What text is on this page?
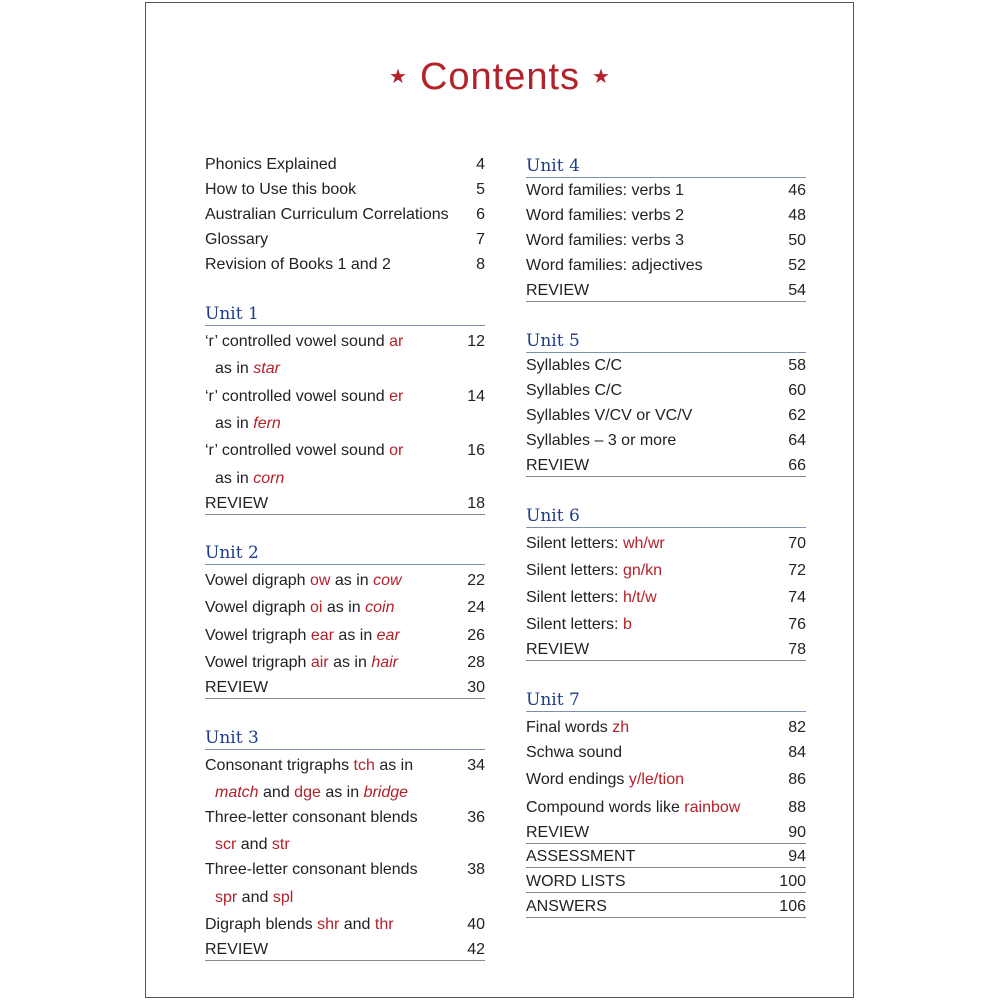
★ Contents ★
Phonics Explained	4
How to Use this book	5
Australian Curriculum Correlations 6
Glossary	7
Revision of Books 1 and 2	8
Unit 1
‘r’ controlled vowel sound ar	12
as in star
‘r’ controlled vowel sound er	14
as in fern
‘r’ controlled vowel sound or	16
as in corn
REVIEW	18
Unit 2
Vowel digraph ow as in cow	22
Vowel digraph oi as in coin	24
Vowel trigraph ear as in ear	26
Vowel trigraph air as in hair	28
REVIEW	30
Unit 3
Consonant trigraphs tch as in	34
match and dge as in bridge
Three-letter consonant blends	36
scr and str
Three-letter consonant blends	38
spr and spl
Digraph blends shr and thr	40
REVIEW	42
Unit 4
Word families: verbs 1	46
Word families: verbs 2	48
Word families: verbs 3	50
Word families: adjectives	52
REVIEW	54
Unit 5
Syllables C/C	58
Syllables C/C	60
Syllables V/CV or VC/V	62
Syllables – 3 or more	64
REVIEW	66
Unit 6
Silent letters: wh/wr	70
Silent letters: gn/kn	72
Silent letters: h/t/w	74
Silent letters: b	76
REVIEW	78
Unit 7
Final words zh	82
Schwa sound	84
Word endings y/le/tion	86
Compound words like rainbow	88
REVIEW	90
ASSESSMENT	94
WORD LISTS	100
ANSWERS	106
